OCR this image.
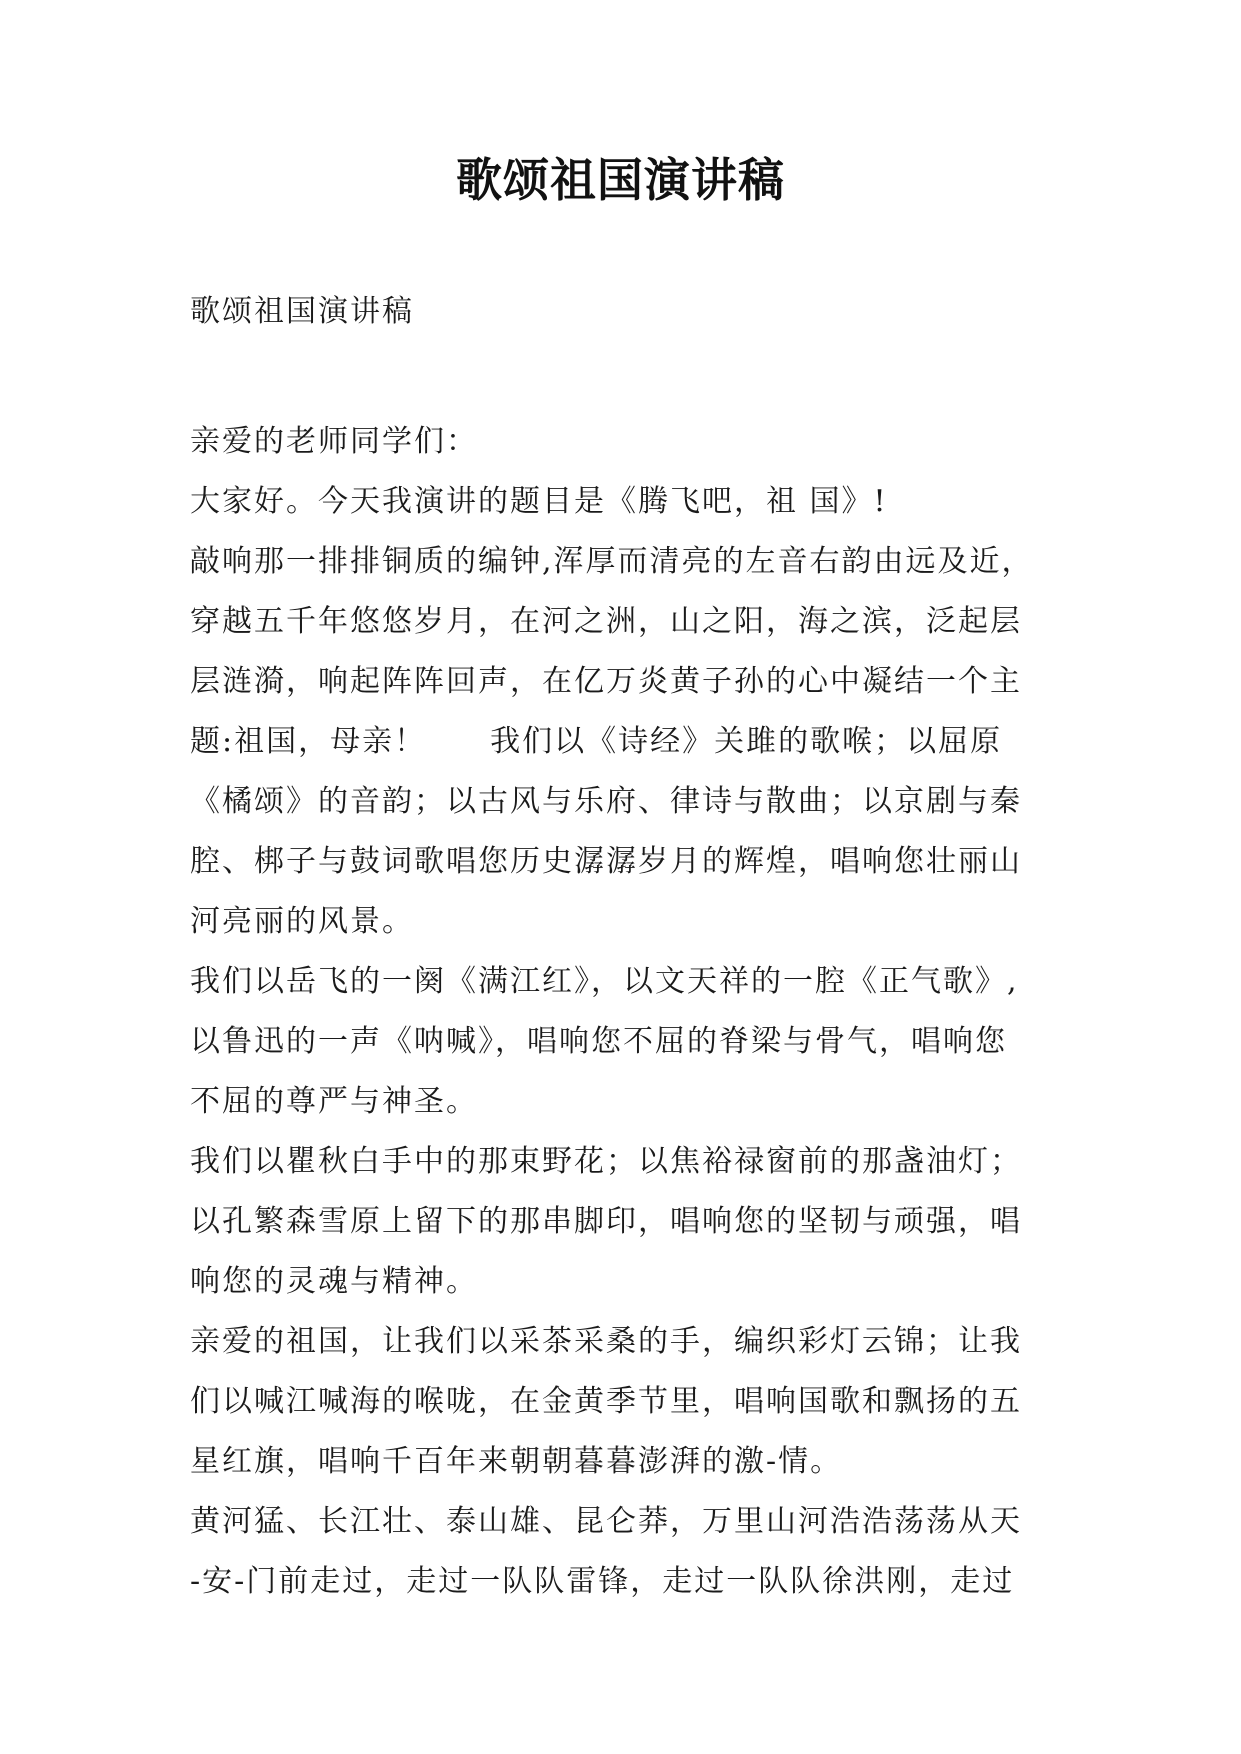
歌颂祖国演讲稿
歌颂祖国演讲稿
亲爱的老师同学们：
大家好。今天我演讲的题目是《腾飞吧，祖 国》!
敲响那一排排铜质的编钟,浑厚而清亮的左音右韵由远及近，
穿越五千年悠悠岁月，在河之洲，山之阳，海之滨，泛起层
层涟漪，响起阵阵回声，在亿万炎黄子孙的心中凝结一个主
题:祖国，母亲！　　我们以《诗经》关雎的歌喉；以屈原
《橘颂》的音韵；以古风与乐府、律诗与散曲；以京剧与秦
腔、梆子与鼓词歌唱您历史潺潺岁月的辉煌，唱响您壮丽山
河亮丽的风景。
我们以岳飞的一阕《满江红》，以文天祥的一腔《正气歌》,
以鲁迅的一声《呐喊》，唱响您不屈的脊梁与骨气，唱响您
不屈的尊严与神圣。
我们以瞿秋白手中的那束野花；以焦裕禄窗前的那盏油灯；
以孔繁森雪原上留下的那串脚印，唱响您的坚韧与顽强，唱
响您的灵魂与精神。
亲爱的祖国，让我们以采茶采桑的手，编织彩灯云锦；让我
们以喊江喊海的喉咙，在金黄季节里，唱响国歌和飘扬的五
星红旗，唱响千百年来朝朝暮暮澎湃的激-情。
黄河猛、长江壮、泰山雄、昆仑莽，万里山河浩浩荡荡从天
-安-门前走过，走过一队队雷锋，走过一队队徐洪刚，走过
